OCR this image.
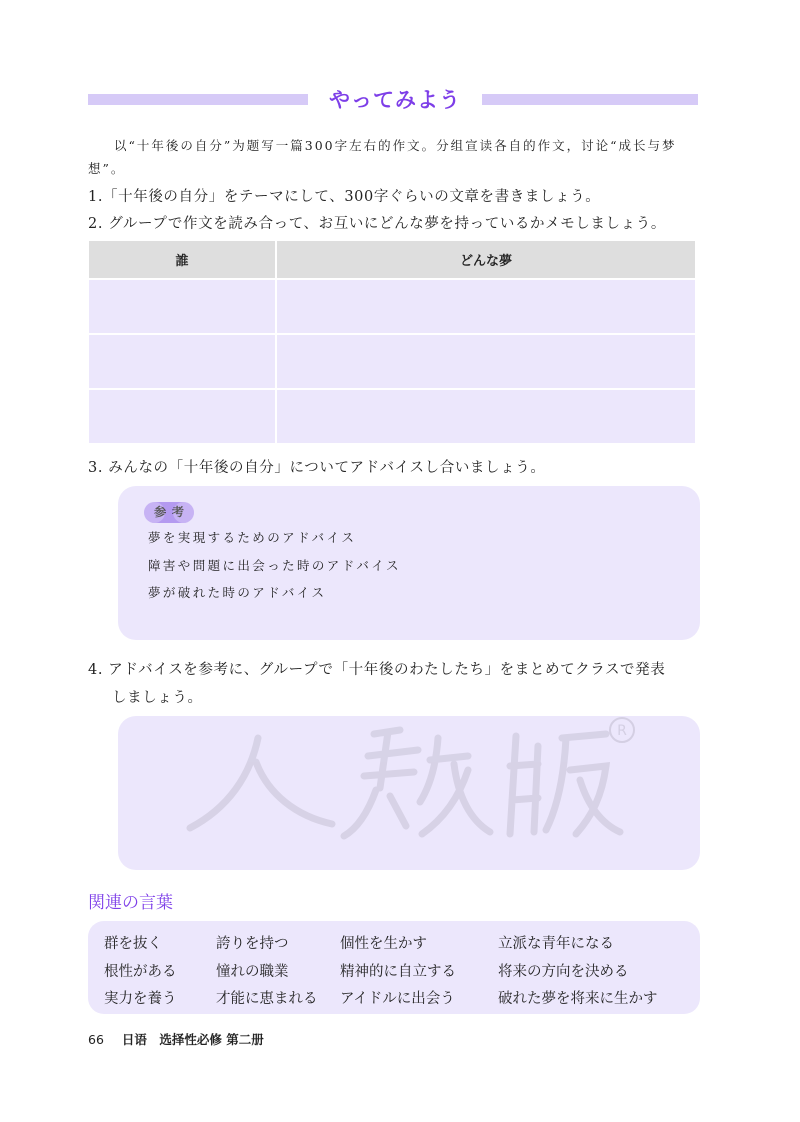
やってみよう
以“十年後の自分”为题写一篇300字左右的作文。分组宣读各自的作文，讨论“成长与梦想”。
1.「十年後の自分」をテーマにして、300字ぐらいの文章を書きましょう。
2. グループで作文を読み合って、お互いにどんな夢を持っているかメモしましょう。
誰	どんな夢

3. みんなの「十年後の自分」についてアドバイスし合いましょう。
参考
夢を実現するためのアドバイス
障害や問題に出会った時のアドバイス
夢が破れた時のアドバイス
4. アドバイスを参考に、グループで「十年後のわたしたち」をまとめてクラスで発表
しましょう。
R
関連の言葉
群を抜く	誇りを持つ	個性を生かす	立派な青年になる
根性がある	憧れの職業	精神的に自立する	将来の方向を決める
実力を養う	才能に恵まれる アイドルに出会う	破れた夢を将来に生かす
66 日语　选择性必修 第二册
